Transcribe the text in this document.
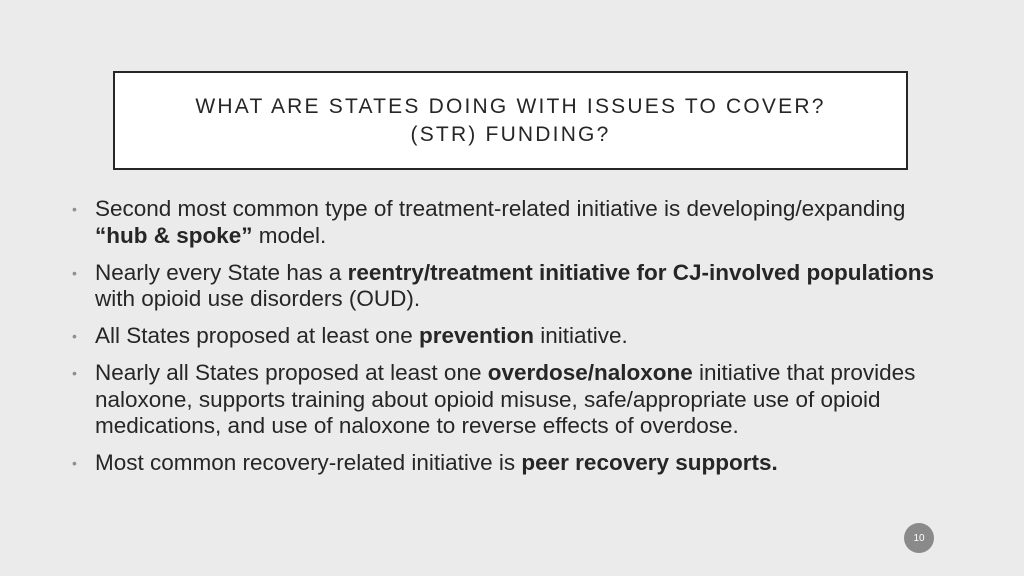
WHAT ARE STATES DOING WITH ISSUES TO COVER?
(STR) FUNDING?
• Second most common type of treatment-related initiative is developing/expanding “hub & spoke” model.
• Nearly every State has a reentry/treatment initiative for CJ-involved populations with opioid use disorders (OUD).
• All States proposed at least one prevention initiative.
• Nearly all States proposed at least one overdose/naloxone initiative that provides naloxone, supports training about opioid misuse, safe/appropriate use of opioid medications, and use of naloxone to reverse effects of overdose.
• Most common recovery-related initiative is peer recovery supports.
10
